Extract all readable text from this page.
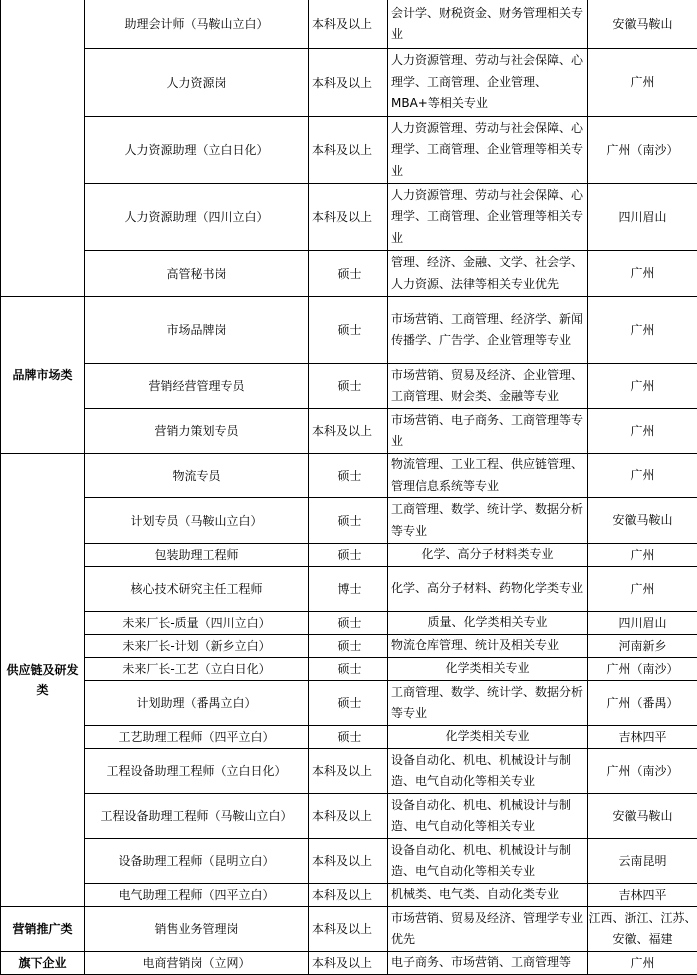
	助理会计师（马鞍山立白）	本科及以上	会计学、财税资金、财务管理相关专业	安徽马鞍山
	人力资源岗	本科及以上	人力资源管理、劳动与社会保障、心理学、工商管理、企业管理、MBA+等相关专业	广州
	人力资源助理（立白日化）	本科及以上	人力资源管理、劳动与社会保障、心理学、工商管理、企业管理等相关专业	广州（南沙）
	人力资源助理（四川立白）	本科及以上	人力资源管理、劳动与社会保障、心理学、工商管理、企业管理等相关专业	四川眉山
	高管秘书岗	硕士	管理、经济、金融、文学、社会学、人力资源、法律等相关专业优先	广州
品牌市场类	市场品牌岗	硕士	市场营销、工商管理、经济学、新闻传播学、广告学、企业管理等专业	广州
	营销经营管理专员	硕士	市场营销、贸易及经济、企业管理、工商管理、财会类、金融等专业	广州
	营销力策划专员	本科及以上	市场营销、电子商务、工商管理等专业	广州
供应链及研发类	物流专员	硕士	物流管理、工业工程、供应链管理、管理信息系统等专业	广州
	计划专员（马鞍山立白）	硕士	工商管理、数学、统计学、数据分析等专业	安徽马鞍山
	包装助理工程师	硕士	化学、高分子材料类专业	广州
	核心技术研究主任工程师	博士	化学、高分子材料、药物化学类专业	广州
	未来厂长-质量（四川立白）	硕士	质量、化学类相关专业	四川眉山
	未来厂长-计划（新乡立白）	硕士	物流仓库管理、统计及相关专业	河南新乡
	未来厂长-工艺（立白日化）	硕士	化学类相关专业	广州（南沙）
	计划助理（番禺立白）	硕士	工商管理、数学、统计学、数据分析等专业	广州（番禺）
	工艺助理工程师（四平立白）	硕士	化学类相关专业	吉林四平
	工程设备助理工程师（立白日化）	本科及以上	设备自动化、机电、机械设计与制造、电气自动化等相关专业	广州（南沙）
	工程设备助理工程师（马鞍山立白）	本科及以上	设备自动化、机电、机械设计与制造、电气自动化等相关专业	安徽马鞍山
	设备助理工程师（昆明立白）	本科及以上	设备自动化、机电、机械设计与制造、电气自动化等相关专业	云南昆明
	电气助理工程师（四平立白）	本科及以上	机械类、电气类、自动化类专业	吉林四平
营销推广类	销售业务管理岗	本科及以上	市场营销、贸易及经济、管理学专业优先	江西、浙江、江苏、安徽、福建
旗下企业	电商营销岗（立网）	本科及以上	电子商务、市场营销、工商管理等	广州
